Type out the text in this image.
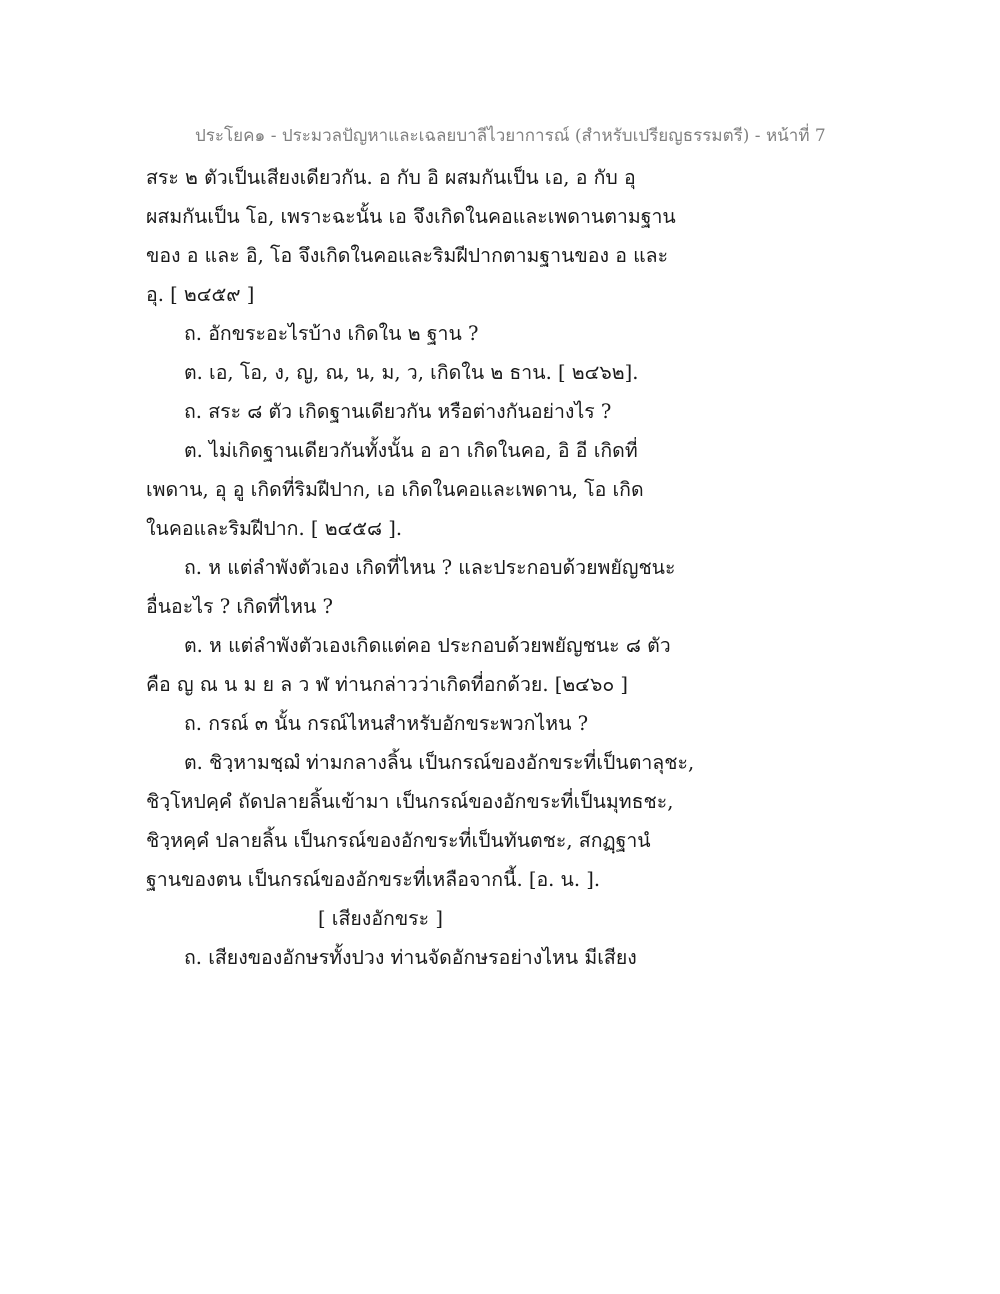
ประโยค๑ - ประมวลปัญหาและเฉลยบาลีไวยาการณ์ (สำหรับเปรียญธรรมตรี) - หน้าที่ 7
สระ ๒ ตัวเป็นเสียงเดียวกัน. อ กับ อิ ผสมกันเป็น เอ, อ กับ อุ
ผสมกันเป็น โอ, เพราะฉะนั้น เอ จึงเกิดในคอและเพดานตามฐาน
ของ อ และ อิ, โอ จึงเกิดในคอและริมฝีปากตามฐานของ อ และ
อุ. [ ๒๔๕๙ ]
ถ. อักขระอะไรบ้าง เกิดใน ๒ ฐาน ?
ต. เอ, โอ, ง, ญ, ณ, น, ม, ว, เกิดใน ๒ ธาน. [ ๒๔๖๒].
ถ. สระ ๘ ตัว เกิดฐานเดียวกัน หรือต่างกันอย่างไร ?
ต. ไม่เกิดฐานเดียวกันทั้งนั้น อ อา เกิดในคอ, อิ อี เกิดที่
เพดาน, อุ อู เกิดที่ริมฝีปาก, เอ เกิดในคอและเพดาน, โอ เกิด
ในคอและริมฝีปาก. [ ๒๔๕๘ ].
ถ. ห แต่ลำพังตัวเอง เกิดที่ไหน ? และประกอบด้วยพยัญชนะ
อื่นอะไร ? เกิดที่ไหน ?
ต. ห แต่ลำพังตัวเองเกิดแต่คอ ประกอบด้วยพยัญชนะ ๘ ตัว
คือ ญ ณ น ม ย ล ว ฬ ท่านกล่าวว่าเกิดที่อกด้วย. [๒๔๖๐ ]
ถ. กรณ์ ๓ นั้น กรณ์ไหนสำหรับอักขระพวกไหน ?
ต. ชิวฺหามชฺฌํ ท่ามกลางลิ้น เป็นกรณ์ของอักขระที่เป็นตาลุชะ,
ชิวฺโหปคฺคํ ถัดปลายลิ้นเข้ามา เป็นกรณ์ของอักขระที่เป็นมุทธชะ,
ชิวฺหคฺคํ ปลายลิ้น เป็นกรณ์ของอักขระที่เป็นทันตชะ, สกฏฺฐานํ
ฐานของตน เป็นกรณ์ของอักขระที่เหลือจากนี้. [อ. น. ].
[ เสียงอักขระ ]
ถ. เสียงของอักษรทั้งปวง ท่านจัดอักษรอย่างไหน มีเสียง
